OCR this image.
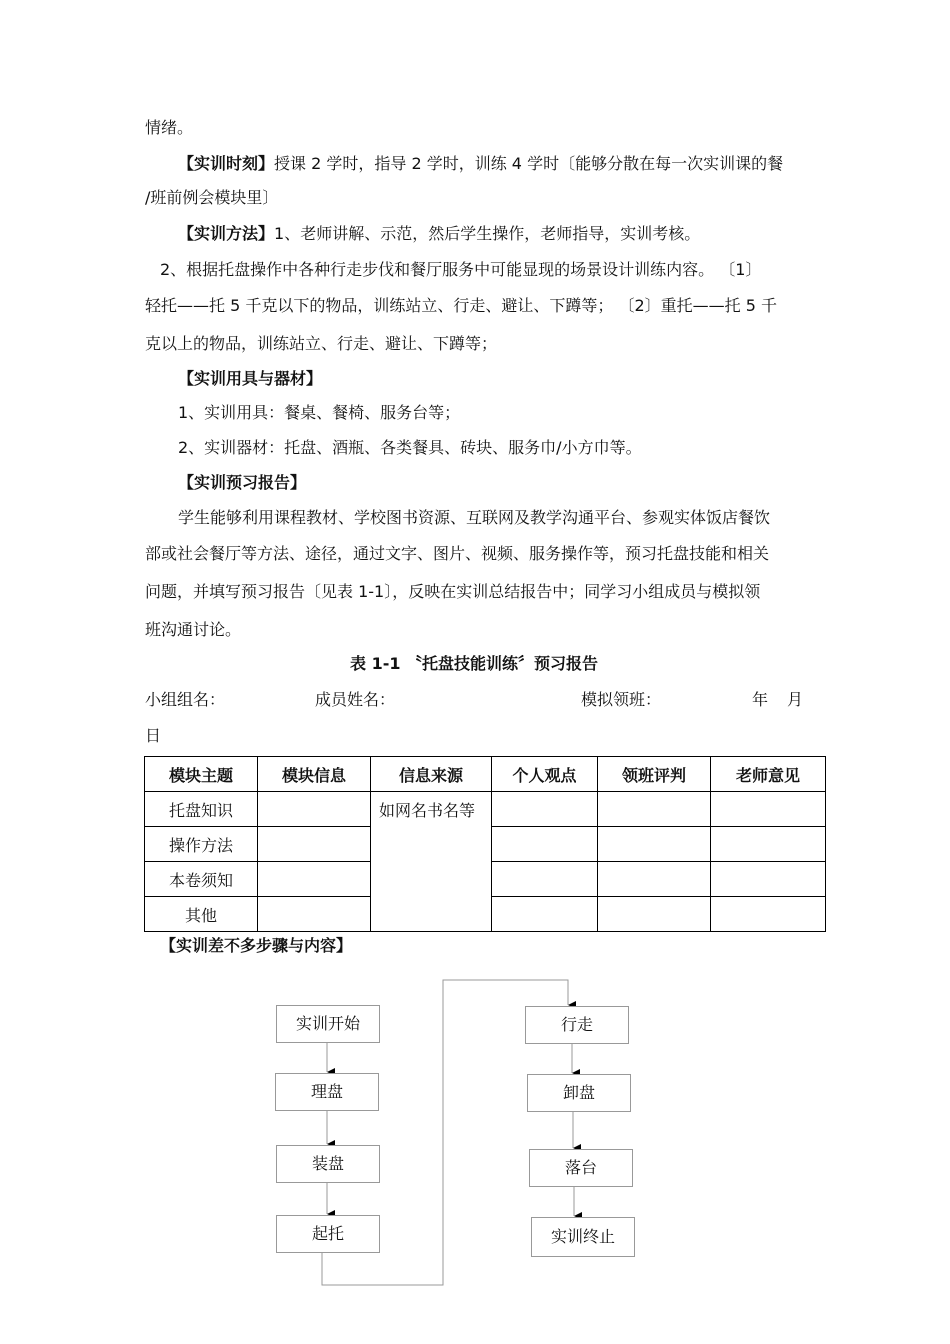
情绪。
【实训时刻】授课 2 学时，指导 2 学时，训练 4 学时〔能够分散在每一次实训课的餐
/班前例会模块里〕
【实训方法】1、老师讲解、示范，然后学生操作，老师指导，实训考核。
2、根据托盘操作中各种行走步伐和餐厅服务中可能显现的场景设计训练内容。 〔1〕
轻托——托 5 千克以下的物品，训练站立、行走、避让、下蹲等； 〔2〕重托——托 5 千
克以上的物品，训练站立、行走、避让、下蹲等；
【实训用具与器材】
1、实训用具：餐桌、餐椅、服务台等；
2、实训器材：托盘、酒瓶、各类餐具、砖块、服务巾/小方巾等。
【实训预习报告】
学生能够利用课程教材、学校图书资源、互联网及教学沟通平台、参观实体饭店餐饮
部或社会餐厅等方法、途径，通过文字、图片、视频、服务操作等，预习托盘技能和相关
问题，并填写预习报告〔见表 1-1〕，反映在实训总结报告中；同学习小组成员与模拟领
班沟通讨论。
表 1-1 〝托盘技能训练〞预习报告
小组组名：	成员姓名：	模拟领班：	年 月
日
模块主题	模块信息	信息来源	个人观点	领班评判	老师意见
托盘知识		如网名书名等			
操作方法					
本卷须知					
其他					
【实训差不多步骤与内容】
实训开始
理盘
装盘
起托
行走
卸盘
落台
实训终止
